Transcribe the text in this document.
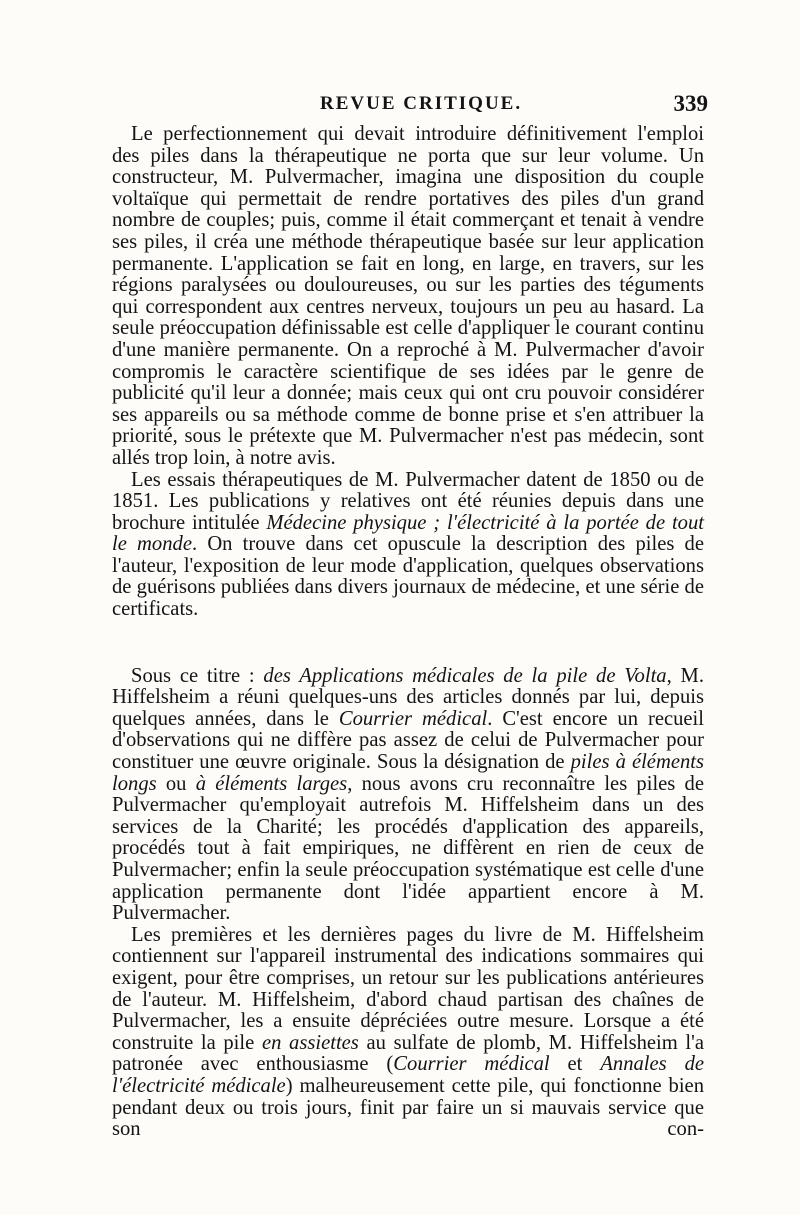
REVUE CRITIQUE.	339

Le perfectionnement qui devait introduire définitivement l'emploi des piles dans la thérapeutique ne porta que sur leur volume. Un constructeur, M. Pulvermacher, imagina une disposition du couple voltaïque qui permettait de rendre portatives des piles d'un grand nombre de couples; puis, comme il était commerçant et tenait à vendre ses piles, il créa une méthode thérapeutique basée sur leur application permanente. L'application se fait en long, en large, en travers, sur les régions paralysées ou douloureuses, ou sur les parties des téguments qui correspondent aux centres nerveux, toujours un peu au hasard. La seule préoccupation définissable est celle d'appliquer le courant continu d'une manière permanente. On a reproché à M. Pulvermacher d'avoir compromis le caractère scientifique de ses idées par le genre de publicité qu'il leur a donnée; mais ceux qui ont cru pouvoir considérer ses appareils ou sa méthode comme de bonne prise et s'en attribuer la priorité, sous le prétexte que M. Pulvermacher n'est pas médecin, sont allés trop loin, à notre avis.

Les essais thérapeutiques de M. Pulvermacher datent de 1850 ou de 1851. Les publications y relatives ont été réunies depuis dans une brochure intitulée Médecine physique ; l'électricité à la portée de tout le monde. On trouve dans cet opuscule la description des piles de l'auteur, l'exposition de leur mode d'application, quelques observations de guérisons publiées dans divers journaux de médecine, et une série de certificats.

Sous ce titre : des Applications médicales de la pile de Volta, M. Hiffelsheim a réuni quelques-uns des articles donnés par lui, depuis quelques années, dans le Courrier médical. C'est encore un recueil d'observations qui ne diffère pas assez de celui de Pulvermacher pour constituer une œuvre originale. Sous la désignation de piles à éléments longs ou à éléments larges, nous avons cru reconnaître les piles de Pulvermacher qu'employait autrefois M. Hiffelsheim dans un des services de la Charité; les procédés d'application des appareils, procédés tout à fait empiriques, ne diffèrent en rien de ceux de Pulvermacher; enfin la seule préoccupation systématique est celle d'une application permanente dont l'idée appartient encore à M. Pulvermacher.

Les premières et les dernières pages du livre de M. Hiffelsheim contiennent sur l'appareil instrumental des indications sommaires qui exigent, pour être comprises, un retour sur les publications antérieures de l'auteur. M. Hiffelsheim, d'abord chaud partisan des chaînes de Pulvermacher, les a ensuite dépréciées outre mesure. Lorsque a été construite la pile en assiettes au sulfate de plomb, M. Hiffelsheim l'a patronée avec enthousiasme (Courrier médical et Annales de l'électricité médicale) malheureusement cette pile, qui fonctionne bien pendant deux ou trois jours, finit par faire un si mauvais service que son con-
